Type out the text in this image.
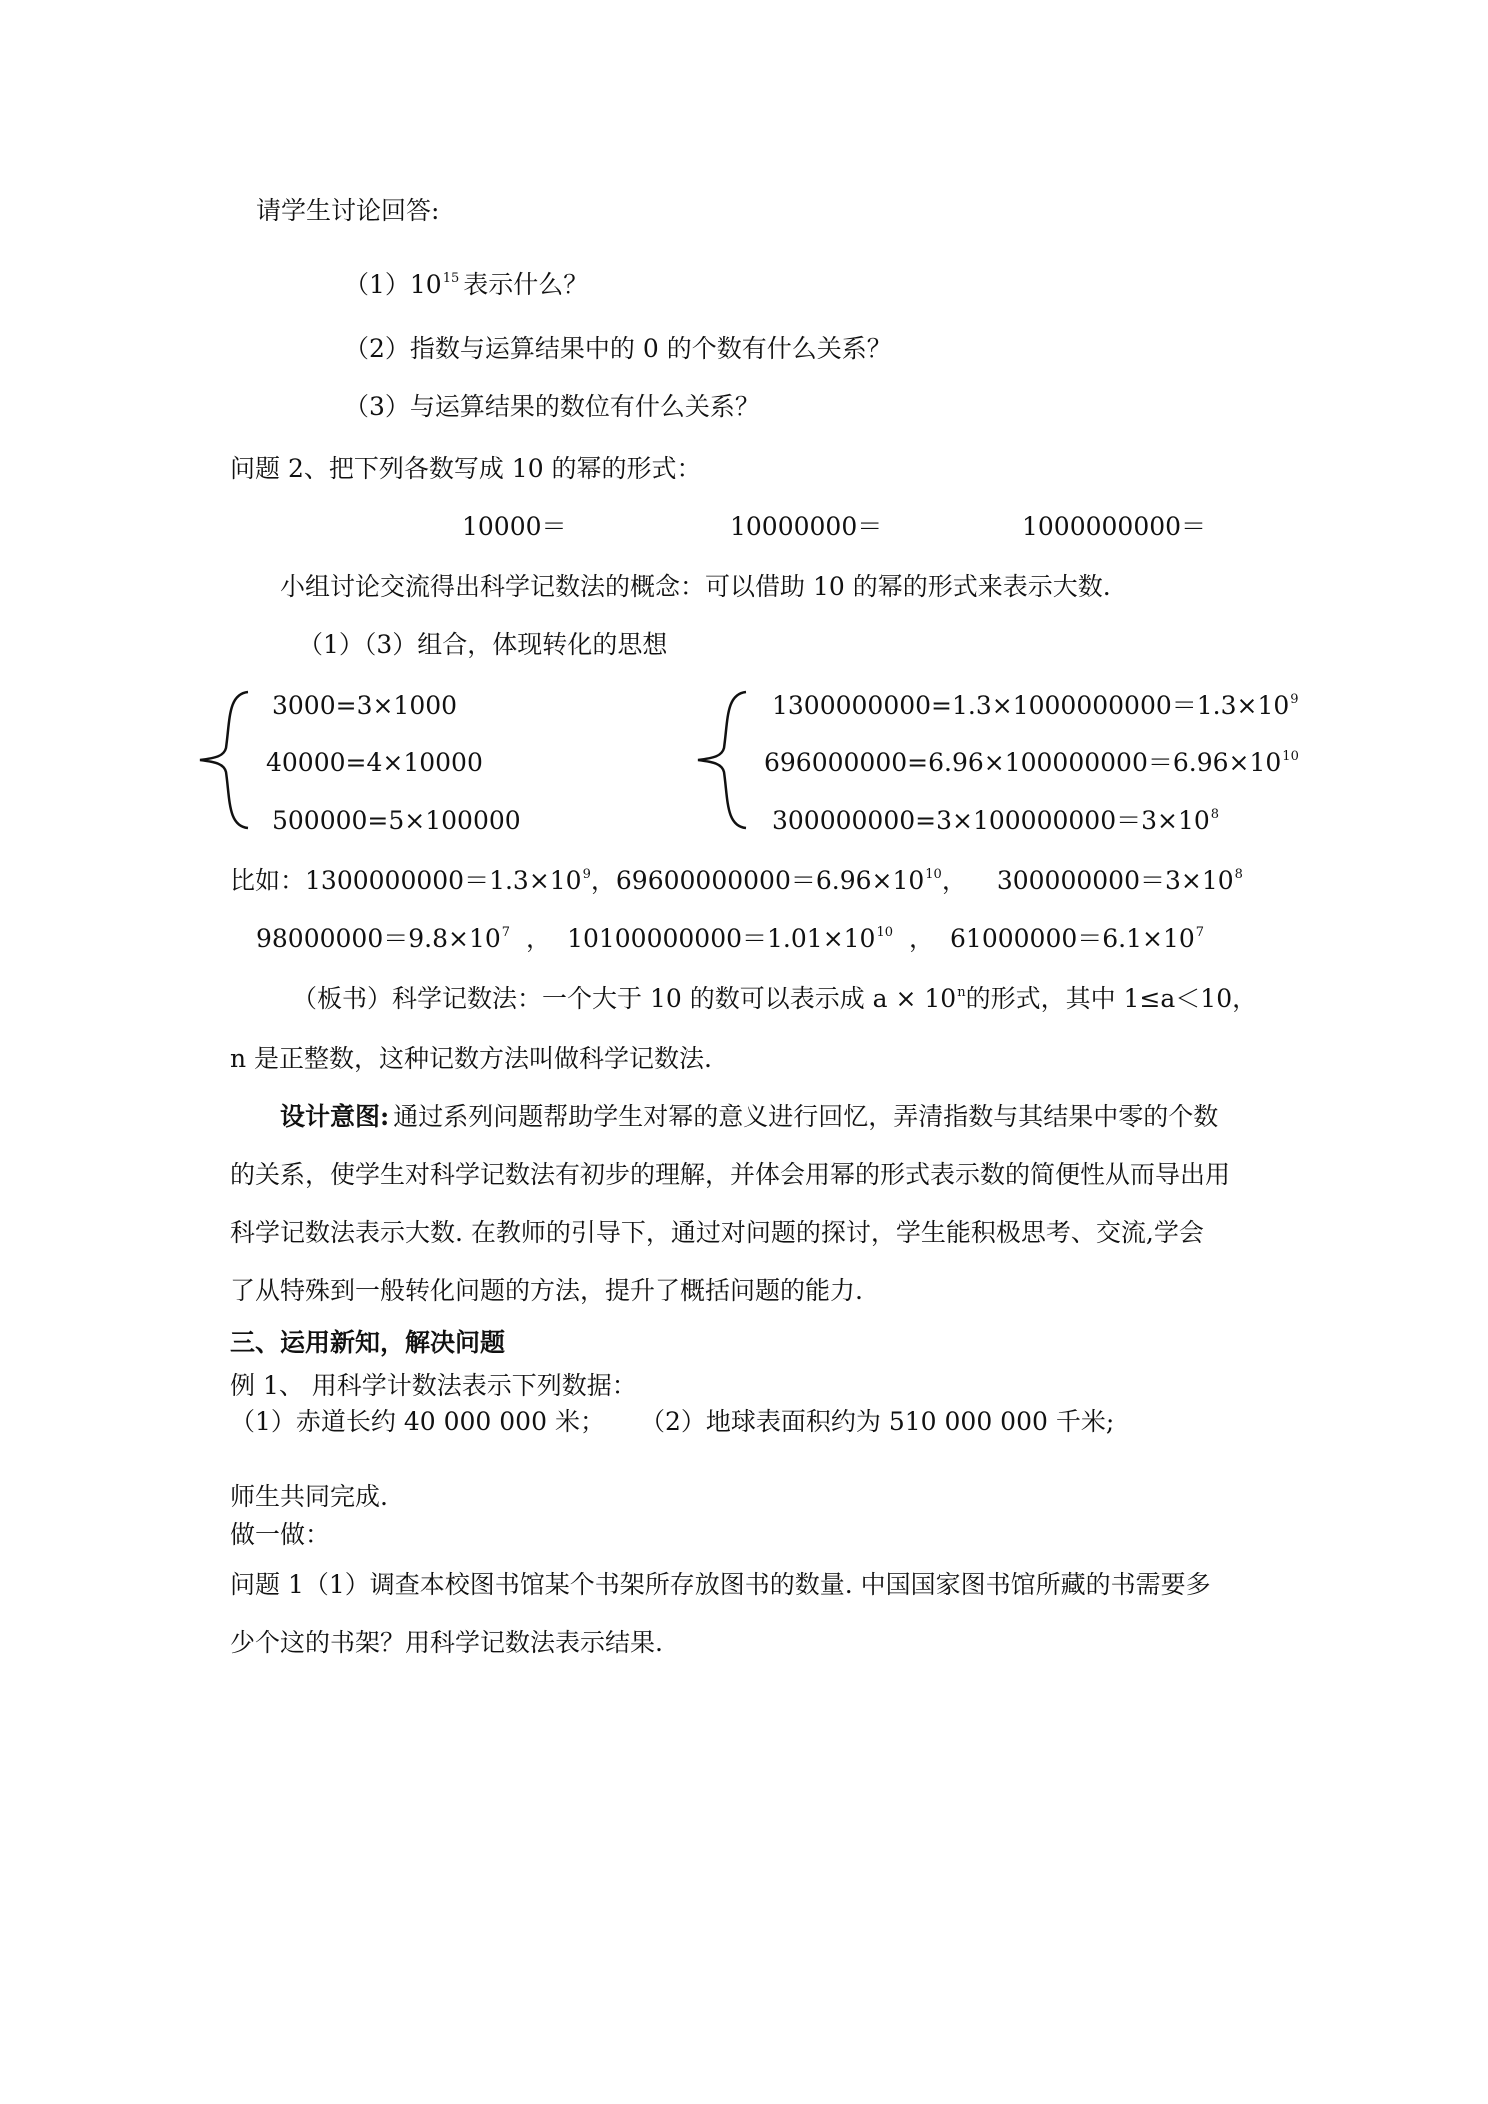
请学生讨论回答:
$(1)10^{15}$ 表示什么？
（2）指数与运算结果中的 0 的个数有什么关系？
（3）与运算结果的数位有什么关系？
问题 2、把下列各数写成 10 的幂的形式：
10000＝	10000000＝	1000000000＝
小组讨论交流得出科学记数法的概念：可以借助 10 的幂的形式来表示大数.
（1）（3）组合，体现转化的思想
3000=3×1000
40000=4×10000
500000=5×100000
$1300000000=1.3\times 1000000000=1.3\times 10^9$
$696000000=6.96\times 100000000=6.96\times 10^{10}$
$300000000=3\times 100000000=3\times 10^8$
比如：$1300000000=1.3\times 10^9$，$69600000000=6.96\times 10^{10}$， $300000000=3\times 10^8$
$98000000=9.8\times 10^7$ ， $10100000000=1.01\times 10^{10}$ ， $61000000=6.1\times 10^7$
（板书）科学记数法：一个大于 10 的数可以表示成 $a \times 10^n$的形式，其中 1≤a＜10，
n 是正整数，这种记数方法叫做科学记数法.
设计意图: 通过系列问题帮助学生对幂的意义进行回忆，弄清指数与其结果中零的个数
的关系，使学生对科学记数法有初步的理解，并体会用幂的形式表示数的简便性从而导出用
科学记数法表示大数. 在教师的引导下，通过对问题的探讨，学生能积极思考、交流,学会
了从特殊到一般转化问题的方法，提升了概括问题的能力.
三、运用新知，解决问题
例 1、 用科学计数法表示下列数据：
（1）赤道长约 40 000 000 米； （2）地球表面积约为 510 000 000 千米;
师生共同完成.
做一做：
问题 1（1）调查本校图书馆某个书架所存放图书的数量. 中国国家图书馆所藏的书需要多
少个这的书架？用科学记数法表示结果.
